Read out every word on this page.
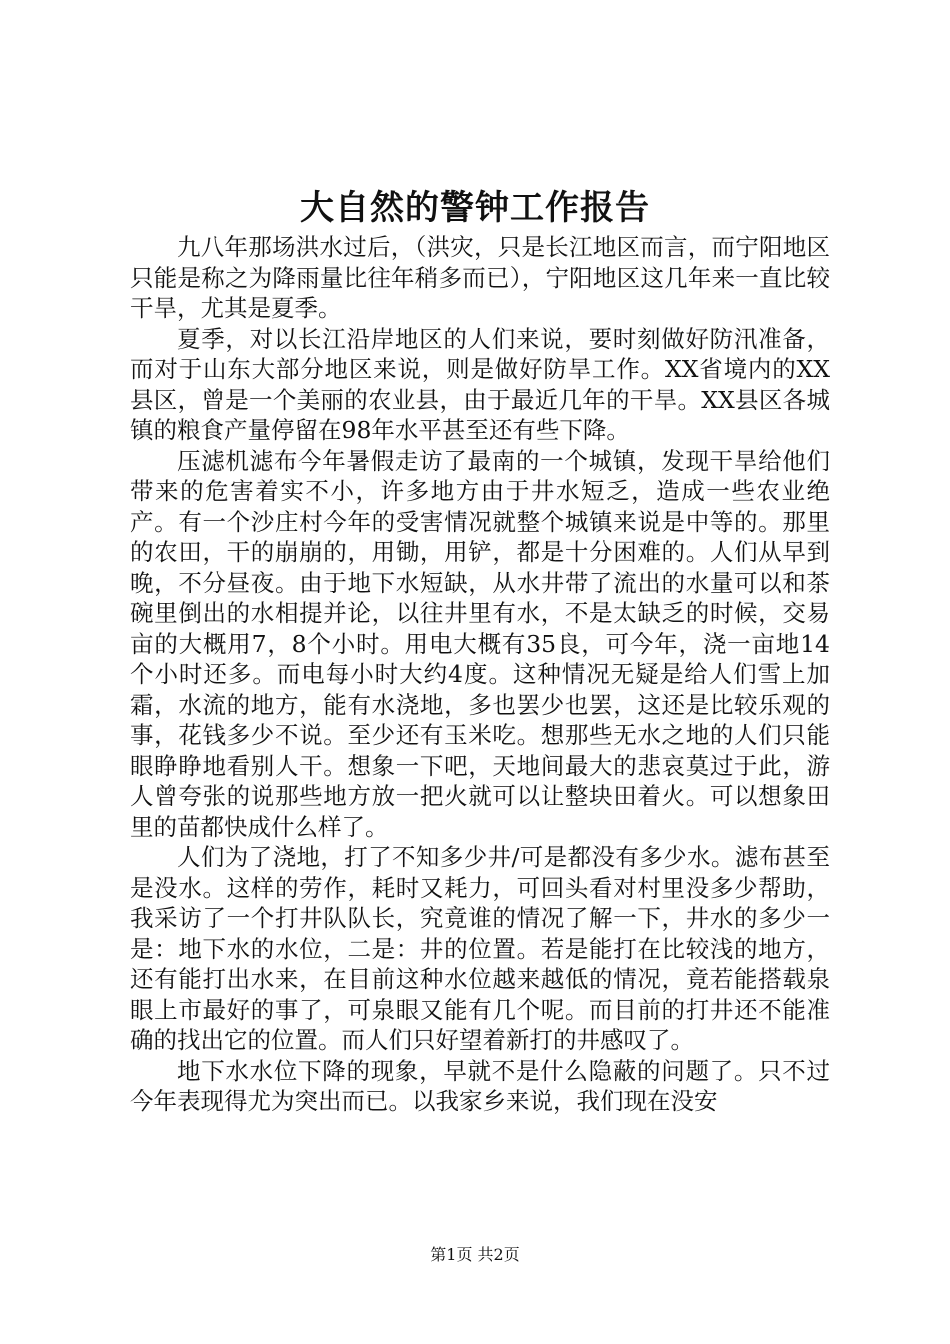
大自然的警钟工作报告

九八年那场洪水过后，（洪灾，只是长江地区而言，而宁阳地区只能是称之为降雨量比往年稍多而已），宁阳地区这几年来一直比较干旱，尤其是夏季。

夏季，对以长江沿岸地区的人们来说，要时刻做好防汛准备，而对于山东大部分地区来说，则是做好防旱工作。XX省境内的XX县区，曾是一个美丽的农业县，由于最近几年的干旱。XX县区各城镇的粮食产量停留在98年水平甚至还有些下降。

压滤机滤布今年暑假走访了最南的一个城镇，发现干旱给他们带来的危害着实不小，许多地方由于井水短乏，造成一些农业绝产。有一个沙庄村今年的受害情况就整个城镇来说是中等的。那里的农田，干的崩崩的，用锄，用铲，都是十分困难的。人们从早到晚，不分昼夜。由于地下水短缺，从水井带了流出的水量可以和茶碗里倒出的水相提并论，以往井里有水，不是太缺乏的时候，交易亩的大概用7，8个小时。用电大概有35良，可今年，浇一亩地14个小时还多。而电每小时大约4度。这种情况无疑是给人们雪上加霜，水流的地方，能有水浇地，多也罢少也罢，这还是比较乐观的事，花钱多少不说。至少还有玉米吃。想那些无水之地的人们只能眼睁睁地看别人干。想象一下吧，天地间最大的悲哀莫过于此，游人曾夸张的说那些地方放一把火就可以让整块田着火。可以想象田里的苗都快成什么样了。

人们为了浇地，打了不知多少井/可是都没有多少水。滤布甚至是没水。这样的劳作，耗时又耗力，可回头看对村里没多少帮助，我采访了一个打井队队长，究竟谁的情况了解一下，井水的多少一是：地下水的水位，二是：井的位置。若是能打在比较浅的地方，还有能打出水来，在目前这种水位越来越低的情况，竟若能搭载泉眼上市最好的事了，可泉眼又能有几个呢。而目前的打井还不能准确的找出它的位置。而人们只好望着新打的井感叹了。

地下水水位下降的现象，早就不是什么隐蔽的问题了。只不过今年表现得尤为突出而已。以我家乡来说，我们现在没安

第1页 共2页
